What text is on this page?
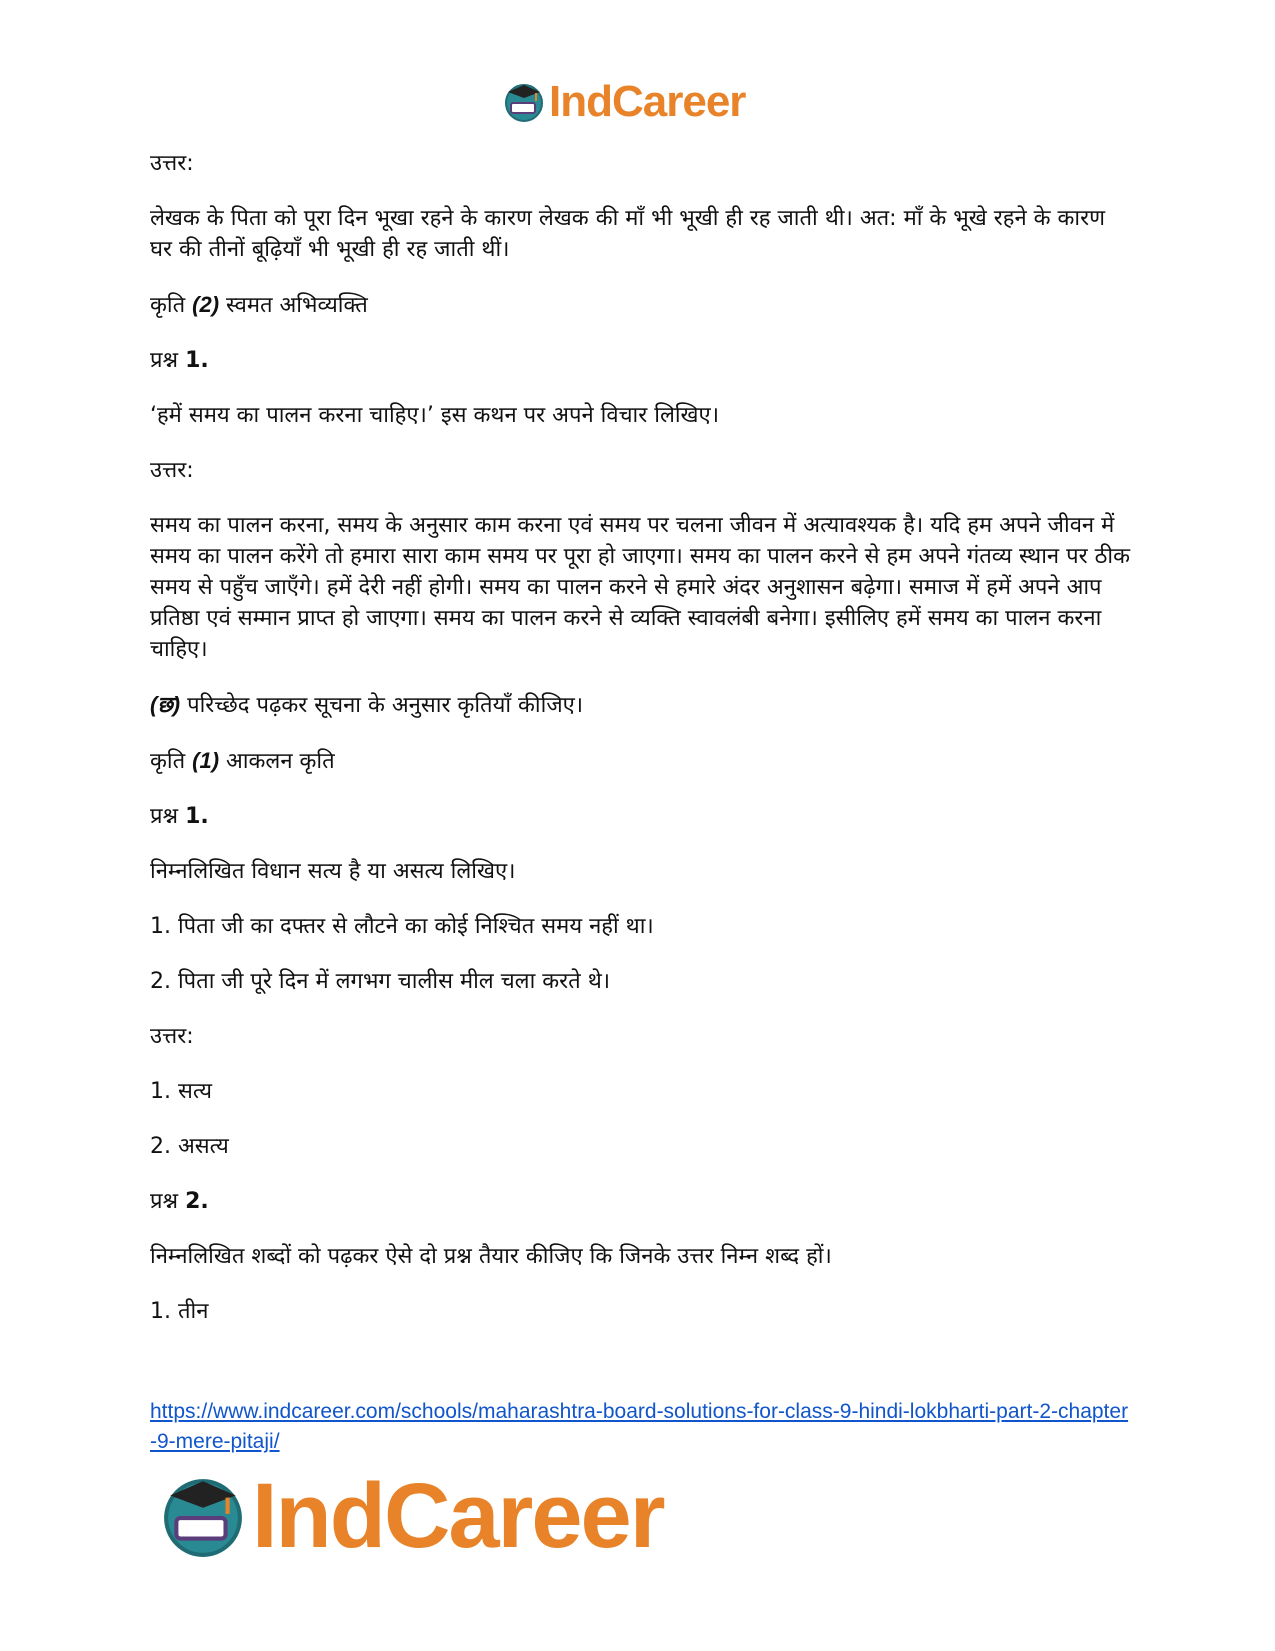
IndCareer

उत्तर:

लेखक के पिता को पूरा दिन भूखा रहने के कारण लेखक की माँ भी भूखी ही रह जाती थी। अत: माँ के भूखे रहने के कारण घर की तीनों बूढ़ियाँ भी भूखी ही रह जाती थीं।

कृति (2) स्वमत अभिव्यक्ति

प्रश्न 1.

‘हमें समय का पालन करना चाहिए।’ इस कथन पर अपने विचार लिखिए।

उत्तर:

समय का पालन करना, समय के अनुसार काम करना एवं समय पर चलना जीवन में अत्यावश्यक है। यदि हम अपने जीवन में समय का पालन करेंगे तो हमारा सारा काम समय पर पूरा हो जाएगा। समय का पालन करने से हम अपने गंतव्य स्थान पर ठीक समय से पहुँच जाएँगे। हमें देरी नहीं होगी। समय का पालन करने से हमारे अंदर अनुशासन बढ़ेगा। समाज में हमें अपने आप प्रतिष्ठा एवं सम्मान प्राप्त हो जाएगा। समय का पालन करने से व्यक्ति स्वावलंबी बनेगा। इसीलिए हमें समय का पालन करना चाहिए।

(छ) परिच्छेद पढ़कर सूचना के अनुसार कृतियाँ कीजिए।

कृति (1) आकलन कृति

प्रश्न 1.

निम्नलिखित विधान सत्य है या असत्य लिखिए।

1. पिता जी का दफ्तर से लौटने का कोई निश्चित समय नहीं था।

2. पिता जी पूरे दिन में लगभग चालीस मील चला करते थे।

उत्तर:

1. सत्य

2. असत्य

प्रश्न 2.

निम्नलिखित शब्दों को पढ़कर ऐसे दो प्रश्न तैयार कीजिए कि जिनके उत्तर निम्न शब्द हों।

1. तीन

https://www.indcareer.com/schools/maharashtra-board-solutions-for-class-9-hindi-lokbharti-part-2-chapter-9-mere-pitaji/
IndCareer
